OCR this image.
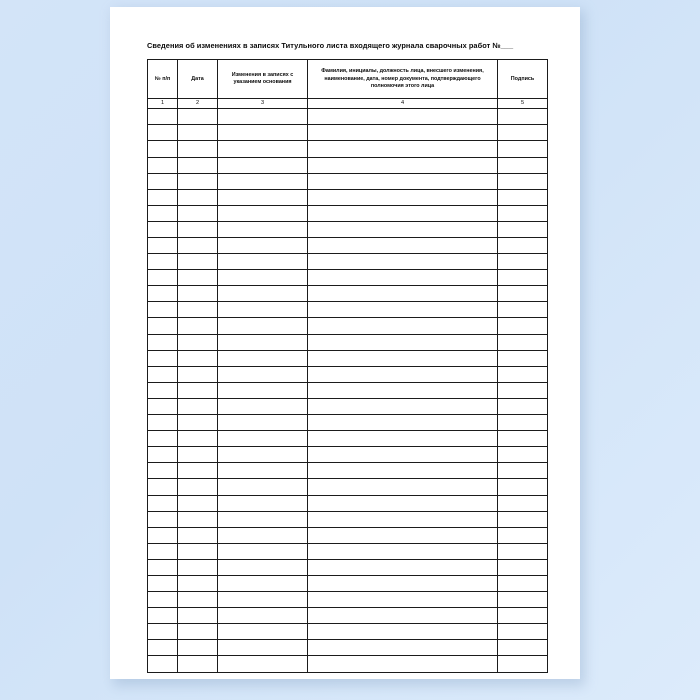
Сведения об изменениях в записях Титульного листа входящего журнала сварочных работ №___
№ п/п	Дата	Изменения в записях с указанием основания	Фамилия, инициалы, должность лица, внесшего изменения, наименование, дата, номер документа, подтверждающего полномочия этого лица	Подпись
1	2	3	4	5
